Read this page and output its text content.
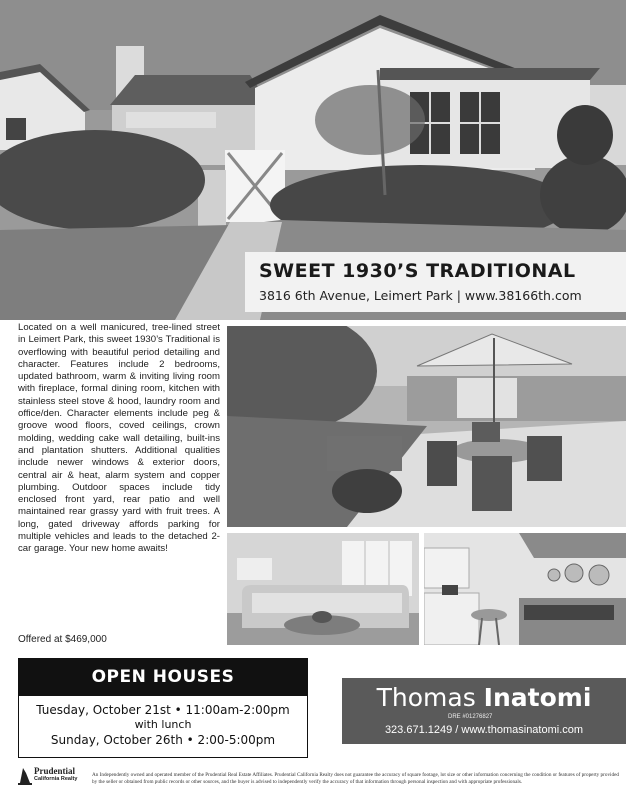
SWEET 1930’S TRADITIONAL
3816 6th Avenue, Leimert Park | www.38166th.com
Located on a well manicured, tree-lined street in Leimert Park, this sweet 1930’s Traditional is overflowing with beautiful period detailing and character. Features include 2 bedrooms, updated bathroom, warm & inviting living room with fireplace, formal dining room, kitchen with stainless steel stove & hood, laundry room and office/den. Character elements include peg & groove wood floors, coved ceilings, crown molding, wedding cake wall detailing, built-ins and plantation shutters. Additional qualities include newer windows & exterior doors, central air & heat, alarm system and copper plumbing. Outdoor spaces include tidy enclosed front yard, rear patio and well maintained rear grassy yard with fruit trees. A long, gated driveway affords parking for multiple vehicles and leads to the detached 2-car garage. Your new home awaits!
Offered at $469,000
OPEN HOUSES
Tuesday, October 21st • 11:00am-2:00pm
with lunch
Sunday, October 26th • 2:00-5:00pm
Thomas Inatomi
DRE #01276827
323.671.1249 / www.thomasinatomi.com
Prudential
California Realty
An Independently owned and operated member of the Prudential Real Estate Affiliates. Prudential California Realty does not guarantee the accuracy of square footage, lot size or other information concerning the condition or features of property provided by the seller or obtained from public records or other sources, and the buyer is advised to independently verify the accuracy of that information through personal inspection and with appropriate professionals.
